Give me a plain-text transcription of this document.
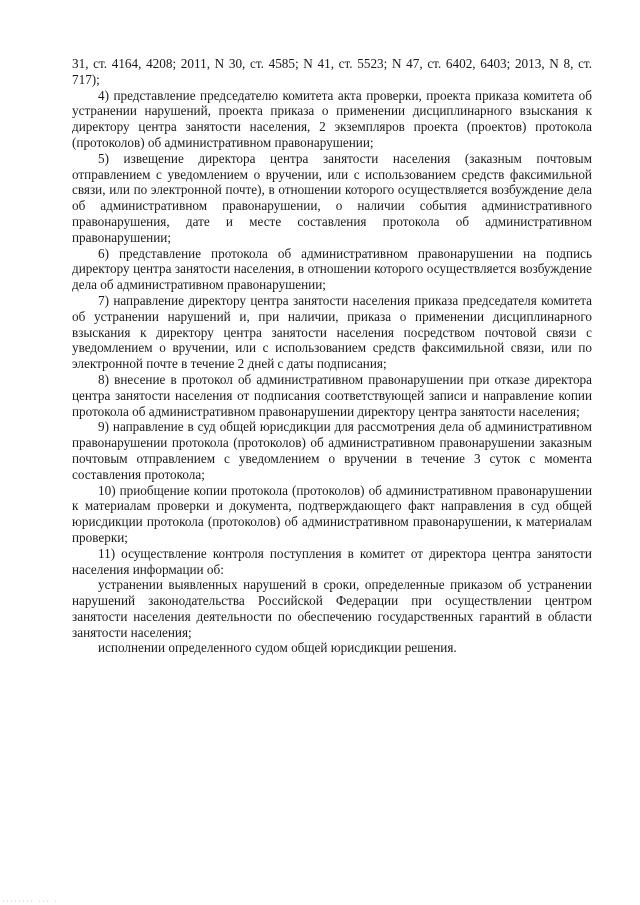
31, ст. 4164, 4208; 2011, N 30, ст. 4585; N 41, ст. 5523; N 47, ст. 6402, 6403; 2013, N 8, ст. 717);

4) представление председателю комитета акта проверки, проекта приказа комитета об устранении нарушений, проекта приказа о применении дисциплинарного взыскания к директору центра занятости населения, 2 экземпляров проекта (проектов) протокола (протоколов) об административном правонарушении;

5) извещение директора центра занятости населения (заказным почтовым отправлением с уведомлением о вручении, или с использованием средств факсимильной связи, или по электронной почте), в отношении которого осуществляется возбуждение дела об административном правонарушении, о наличии события административного правонарушения, дате и месте составления протокола об административном правонарушении;

6) представление протокола об административном правонарушении на подпись директору центра занятости населения, в отношении которого осуществляется возбуждение дела об административном правонарушении;

7) направление директору центра занятости населения приказа председателя комитета об устранении нарушений и, при наличии, приказа о применении дисциплинарного взыскания к директору центра занятости населения посредством почтовой связи с уведомлением о вручении, или с использованием средств факсимильной связи, или по электронной почте в течение 2 дней с даты подписания;

8) внесение в протокол об административном правонарушении при отказе директора центра занятости населения от подписания соответствующей записи и направление копии протокола об административном правонарушении директору центра занятости населения;

9) направление в суд общей юрисдикции для рассмотрения дела об административном правонарушении протокола (протоколов) об административном правонарушении заказным почтовым отправлением с уведомлением о вручении в течение 3 суток с момента составления протокола;

10) приобщение копии протокола (протоколов) об административном правонарушении к материалам проверки и документа, подтверждающего факт направления в суд общей юрисдикции протокола (протоколов) об административном правонарушении, к материалам проверки;

11) осуществление контроля поступления в комитет от директора центра занятости населения информации об:

устранении выявленных нарушений в сроки, определенные приказом об устранении нарушений законодательства Российской Федерации при осуществлении центром занятости населения деятельности по обеспечению государственных гарантий в области занятости населения;

исполнении определенного судом общей юрисдикции решения.

········ ··· ·
